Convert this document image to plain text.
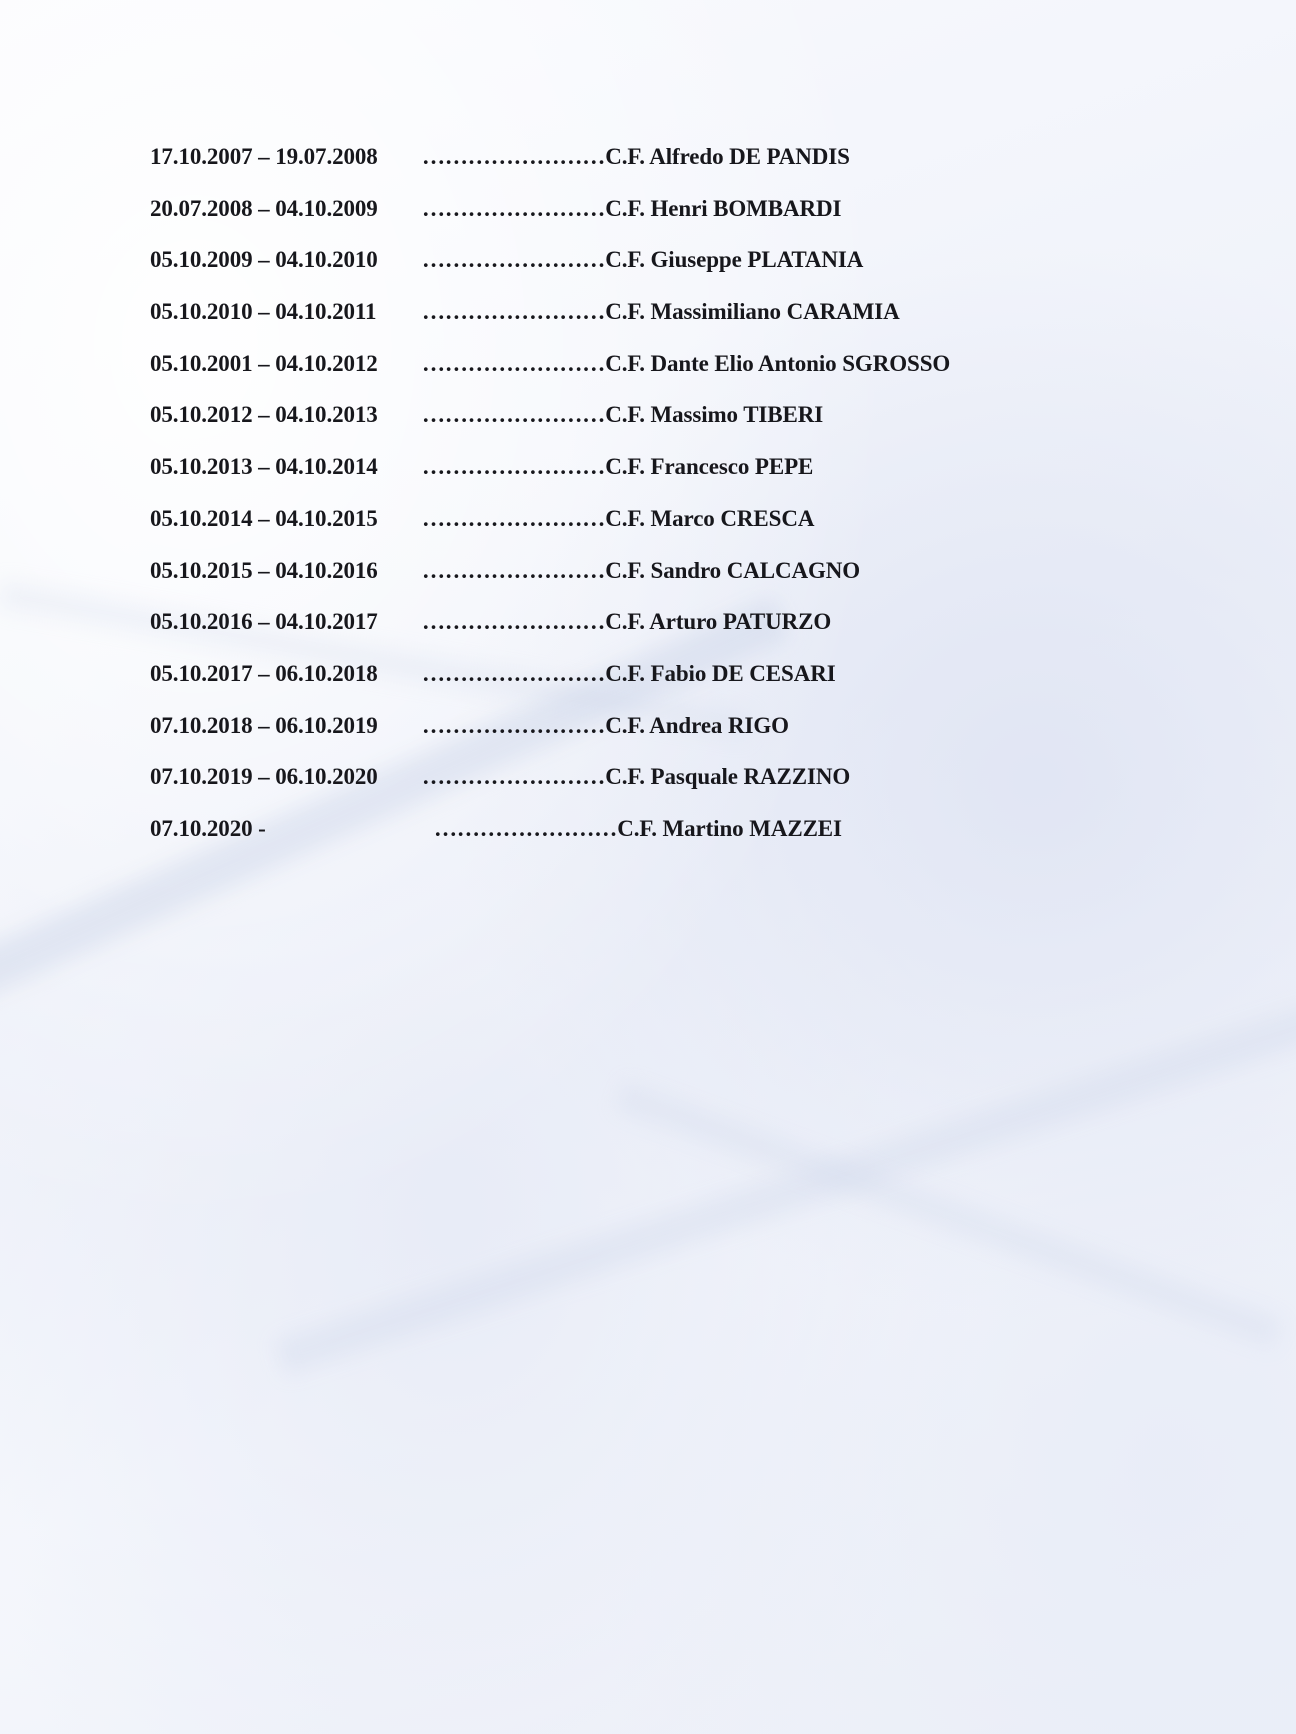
17.10.2007 – 19.07.2008 ……………………C.F. Alfredo DE PANDIS
20.07.2008 – 04.10.2009 ……………………C.F. Henri BOMBARDI
05.10.2009 – 04.10.2010 ……………………C.F. Giuseppe PLATANIA
05.10.2010 – 04.10.2011 ……………………C.F. Massimiliano CARAMIA
05.10.2001 – 04.10.2012 ……………………C.F. Dante Elio Antonio SGROSSO
05.10.2012 – 04.10.2013 ……………………C.F. Massimo TIBERI
05.10.2013 – 04.10.2014 ……………………C.F. Francesco PEPE
05.10.2014 – 04.10.2015 ……………………C.F. Marco CRESCA
05.10.2015 – 04.10.2016 ……………………C.F. Sandro CALCAGNO
05.10.2016 – 04.10.2017 ……………………C.F. Arturo PATURZO
05.10.2017 – 06.10.2018 ……………………C.F. Fabio DE CESARI
07.10.2018 – 06.10.2019 ……………………C.F. Andrea RIGO
07.10.2019 – 06.10.2020 ……………………C.F. Pasquale RAZZINO
07.10.2020 -	……………………C.F. Martino MAZZEI
